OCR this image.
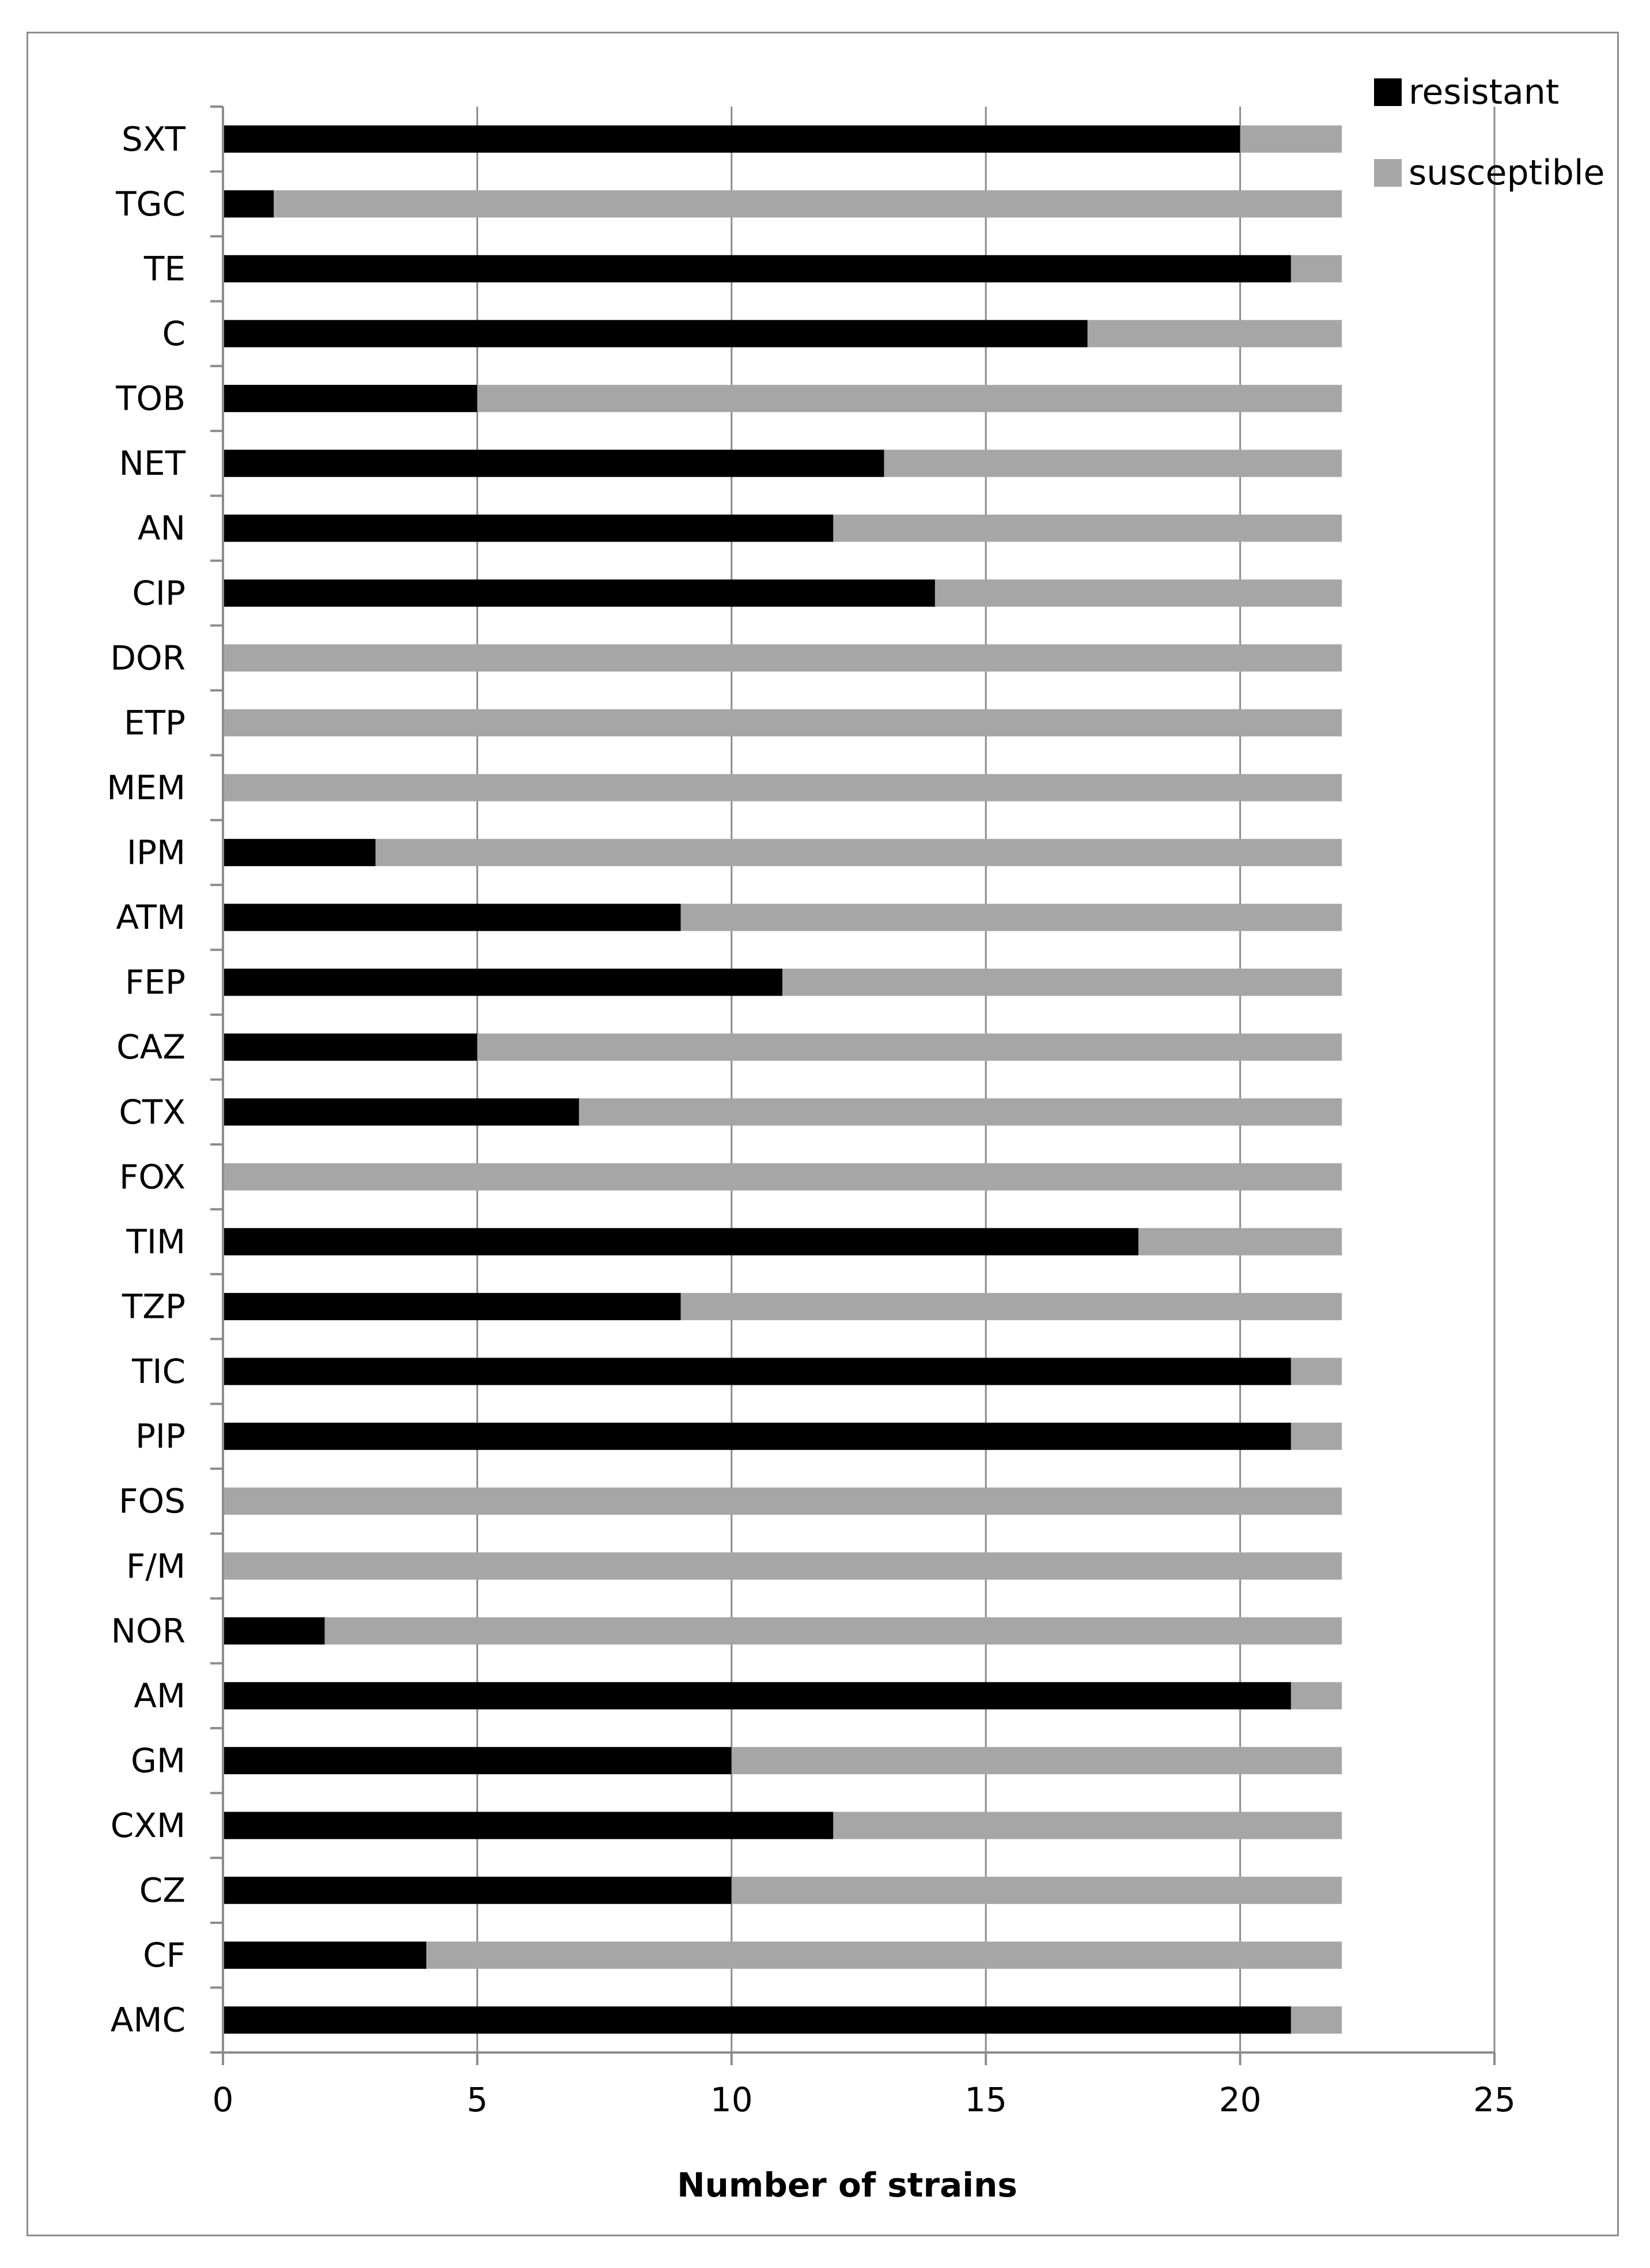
SXT
TGC
TE
C
TOB
NET
AN
CIP
DOR
ETP
MEM
IPM
ATM
FEP
CAZ
CTX
FOX
TIM
TZP
TIC
PIP
FOS
F/M
NOR
AM
GM
CXM
CZ
CF
AMC
0	5	10	15	20	25
Number of strains
resistant
susceptible
